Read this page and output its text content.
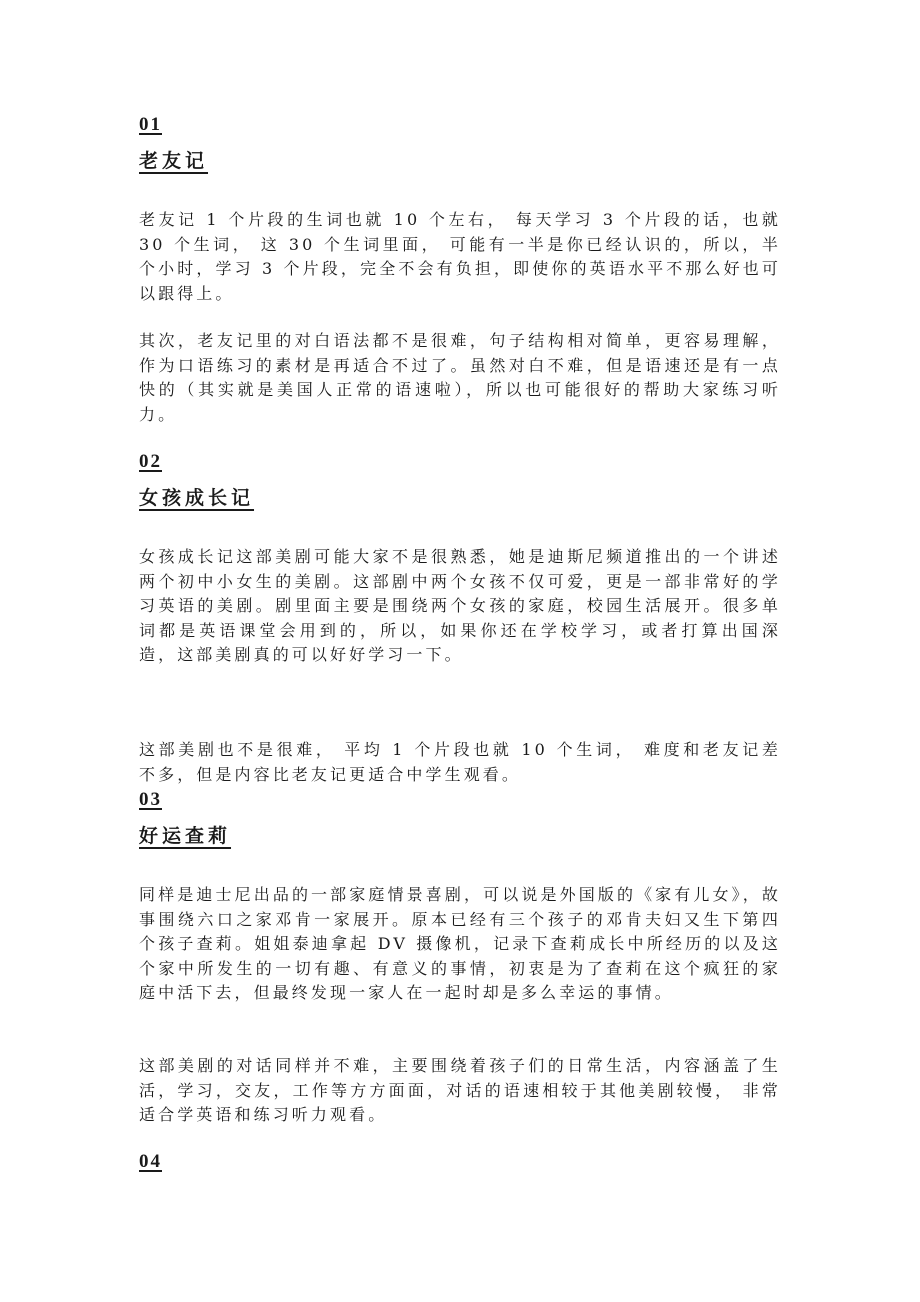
01
老友记
老友记 1 个片段的生词也就 10 个左右， 每天学习 3 个片段的话，也就 30 个生词， 这 30 个生词里面， 可能有一半是你已经认识的，所以，半个小时，学习 3 个片段，完全不会有负担，即使你的英语水平不那么好也可以跟得上。
其次，老友记里的对白语法都不是很难，句子结构相对简单，更容易理解，作为口语练习的素材是再适合不过了。虽然对白不难，但是语速还是有一点快的（其实就是美国人正常的语速啦），所以也可能很好的帮助大家练习听力。
02
女孩成长记
女孩成长记这部美剧可能大家不是很熟悉，她是迪斯尼频道推出的一个讲述两个初中小女生的美剧。这部剧中两个女孩不仅可爱，更是一部非常好的学习英语的美剧。剧里面主要是围绕两个女孩的家庭，校园生活展开。很多单词都是英语课堂会用到的，所以，如果你还在学校学习，或者打算出国深造，这部美剧真的可以好好学习一下。
这部美剧也不是很难， 平均 1 个片段也就 10 个生词， 难度和老友记差不多，但是内容比老友记更适合中学生观看。
03
好运查莉
同样是迪士尼出品的一部家庭情景喜剧，可以说是外国版的《家有儿女》，故事围绕六口之家邓肯一家展开。原本已经有三个孩子的邓肯夫妇又生下第四个孩子查莉。姐姐泰迪拿起 DV 摄像机，记录下查莉成长中所经历的以及这个家中所发生的一切有趣、有意义的事情，初衷是为了查莉在这个疯狂的家庭中活下去，但最终发现一家人在一起时却是多么幸运的事情。
这部美剧的对话同样并不难，主要围绕着孩子们的日常生活，内容涵盖了生活，学习，交友，工作等方方面面，对话的语速相较于其他美剧较慢， 非常适合学英语和练习听力观看。
04
